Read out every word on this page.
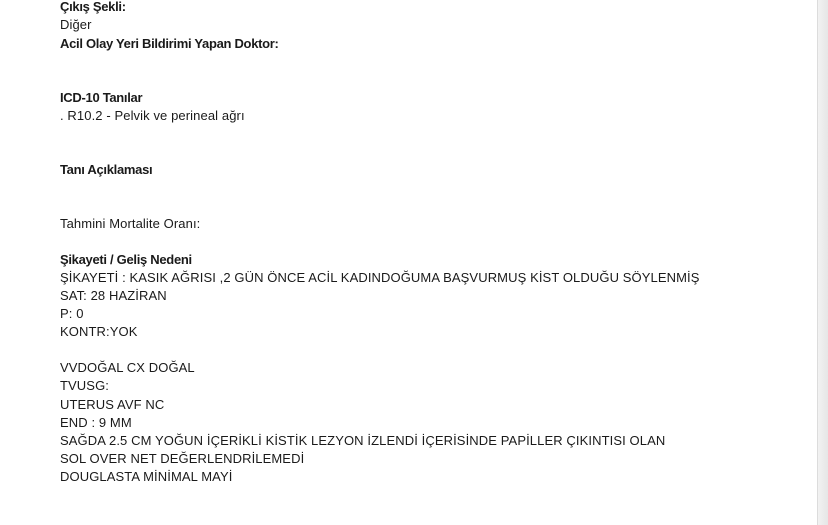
Çıkış Şekli:
Diğer
Acil Olay Yeri Bildirimi Yapan Doktor:
ICD-10 Tanılar
. R10.2 - Pelvik ve perineal ağrı
Tanı Açıklaması
Tahmini Mortalite Oranı:
Şikayeti / Geliş Nedeni
ŞİKAYETİ : KASIK AĞRISI ,2 GÜN ÖNCE ACİL KADINDOĞUMA BAŞVURMUŞ KİST OLDUĞU SÖYLENMİŞ
SAT: 28 HAZİRAN
P: 0
KONTR:YOK
VVDOĞAL CX DOĞAL
TVUSG:
UTERUS AVF NC
END : 9 MM
SAĞDA 2.5 CM YOĞUN İÇERİKLİ KİSTİK LEZYON İZLENDİ İÇERİSİNDE PAPİLLER ÇIKINTISI OLAN
SOL OVER NET DEĞERLENDRİLEMEDİ
DOUGLASTA MİNİMAL MAYİ
